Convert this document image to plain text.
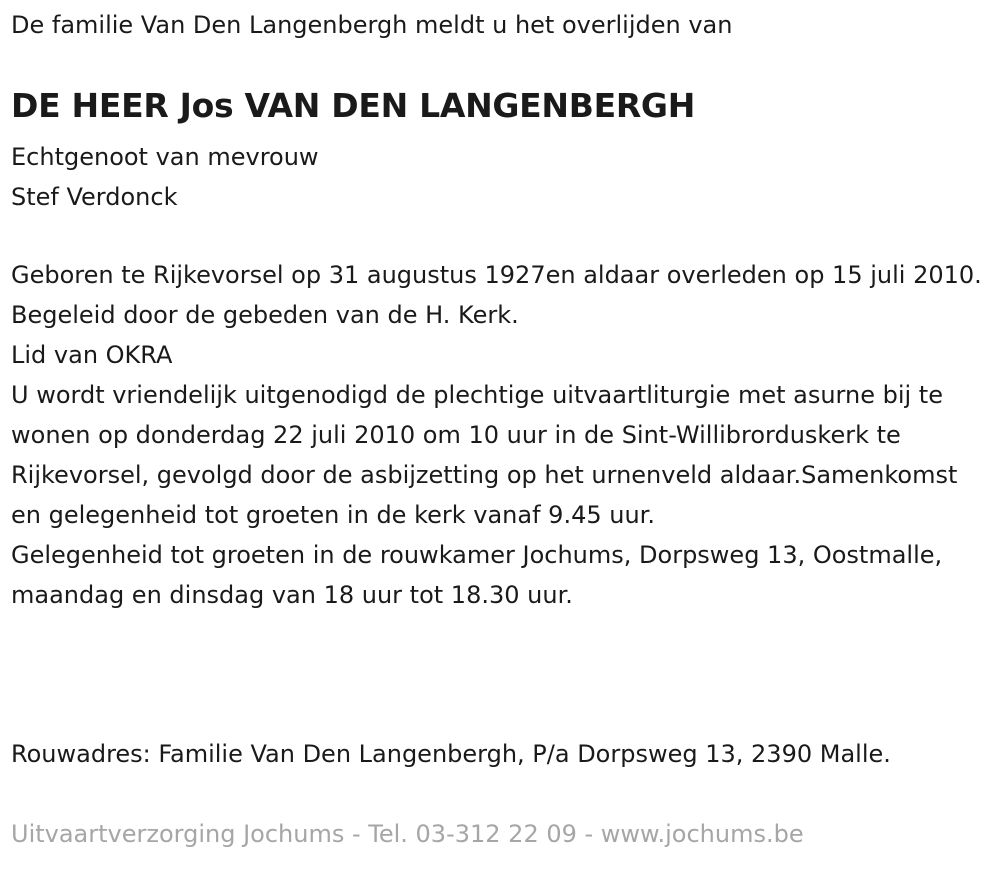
De familie Van Den Langenbergh meldt u het overlijden van
DE HEER Jos VAN DEN LANGENBERGH
Echtgenoot van mevrouw
Stef Verdonck

Geboren te Rijkevorsel op 31 augustus 1927en aldaar overleden op 15 juli 2010.

Begeleid door de gebeden van de H. Kerk.

Lid van OKRA

U wordt vriendelijk uitgenodigd de plechtige uitvaartliturgie met asurne bij te wonen op donderdag 22 juli 2010 om 10 uur in de Sint-Willibrorduskerk te Rijkevorsel, gevolgd door de asbijzetting op het urnenveld aldaar.Samenkomst en gelegenheid tot groeten in de kerk vanaf 9.45 uur.

Gelegenheid tot groeten in de rouwkamer Jochums, Dorpsweg 13, Oostmalle, maandag en dinsdag van 18 uur tot 18.30 uur.

Rouwadres: Familie Van Den Langenbergh, P/a Dorpsweg 13, 2390 Malle.
Uitvaartverzorging Jochums - Tel. 03-312 22 09 - www.jochums.be
